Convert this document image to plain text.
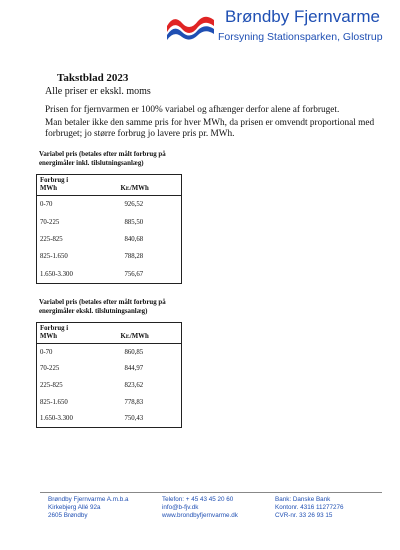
Brøndby Fjernvarme
Forsyning Stationsparken, Glostrup
Takstblad 2023
Alle priser er ekskl. moms

Prisen for fjernvarmen er 100% variabel og afhænger derfor alene af forbruget.

Man betaler ikke den samme pris for hver MWh, da prisen er omvendt proportional med forbruget; jo større forbrug jo lavere pris pr. MWh.

Variabel pris (betales efter målt forbrug på
energimåler inkl. tilslutningsanlæg)
Forbrug i
MWh	Kr./MWh
0-70	926,52
70-225	885,50
225-825	840,68
825-1.650	788,28
1.650-3.300	756,67
Variabel pris (betales efter målt forbrug på
energimåler ekskl. tilslutningsanlæg)
Forbrug i
MWh	Kr./MWh
0-70	860,85
70-225	844,97
225-825	823,62
825-1.650	778,83
1.650-3.300	750,43
Brøndby Fjernvarme A.m.b.a
Kirkebjerg Allé 92a
2605 Brøndby
Telefon: + 45 43 45 20 60
info@b-fjv.dk
www.brondbyfjernvarme.dk
Bank: Danske Bank
Kontonr. 4316 11277276
CVR-nr. 33 26 93 15
